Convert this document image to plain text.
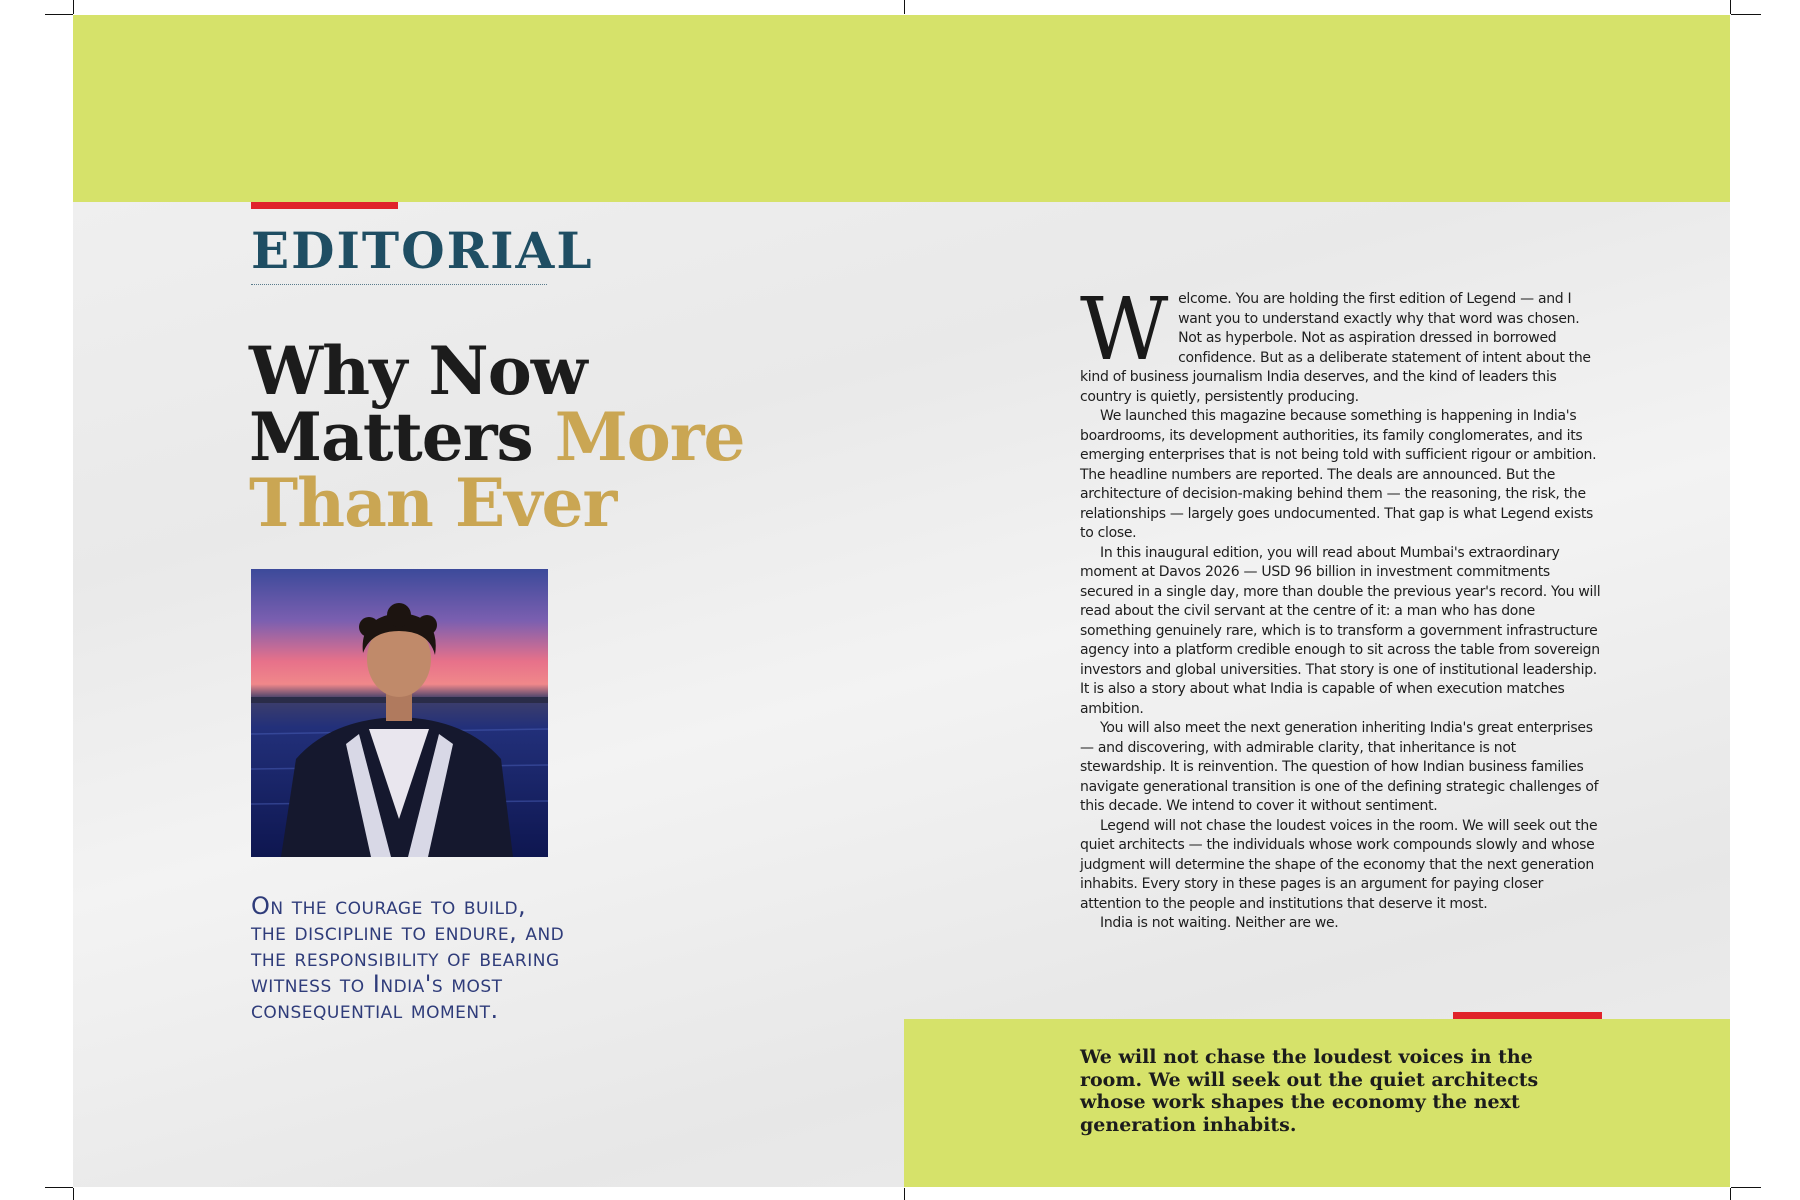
EDITORIAL
Why Now
Matters More
Than Ever
On the courage to build,
the discipline to endure, and
the responsibility of bearing
witness to India's most
consequential moment.
W elcome. You are holding the first edition of Legend — and I want you to understand exactly why that word was chosen. Not as hyperbole. Not as aspiration dressed in borrowed confidence. But as a deliberate statement of intent about the kind of business journalism India deserves, and the kind of leaders this country is quietly, persistently producing.

We launched this magazine because something is happening in India's boardrooms, its development authorities, its family conglomerates, and its emerging enterprises that is not being told with sufficient rigour or ambition. The headline numbers are reported. The deals are announced. But the architecture of decision-making behind them — the reasoning, the risk, the relationships — largely goes undocumented. That gap is what Legend exists to close.

In this inaugural edition, you will read about Mumbai's extraordinary moment at Davos 2026 — USD 96 billion in investment commitments secured in a single day, more than double the previous year's record. You will read about the civil servant at the centre of it: a man who has done something genuinely rare, which is to transform a government infrastructure agency into a platform credible enough to sit across the table from sovereign investors and global universities. That story is one of institutional leadership. It is also a story about what India is capable of when execution matches ambition.

You will also meet the next generation inheriting India's great enterprises — and discovering, with admirable clarity, that inheritance is not stewardship. It is reinvention. The question of how Indian business families navigate generational transition is one of the defining strategic challenges of this decade. We intend to cover it without sentiment.

Legend will not chase the loudest voices in the room. We will seek out the quiet architects — the individuals whose work compounds slowly and whose judgment will determine the shape of the economy that the next generation inhabits. Every story in these pages is an argument for paying closer attention to the people and institutions that deserve it most.

India is not waiting. Neither are we.

We will not chase the loudest voices in the room. We will seek out the quiet architects whose work shapes the economy the next generation inhabits.
